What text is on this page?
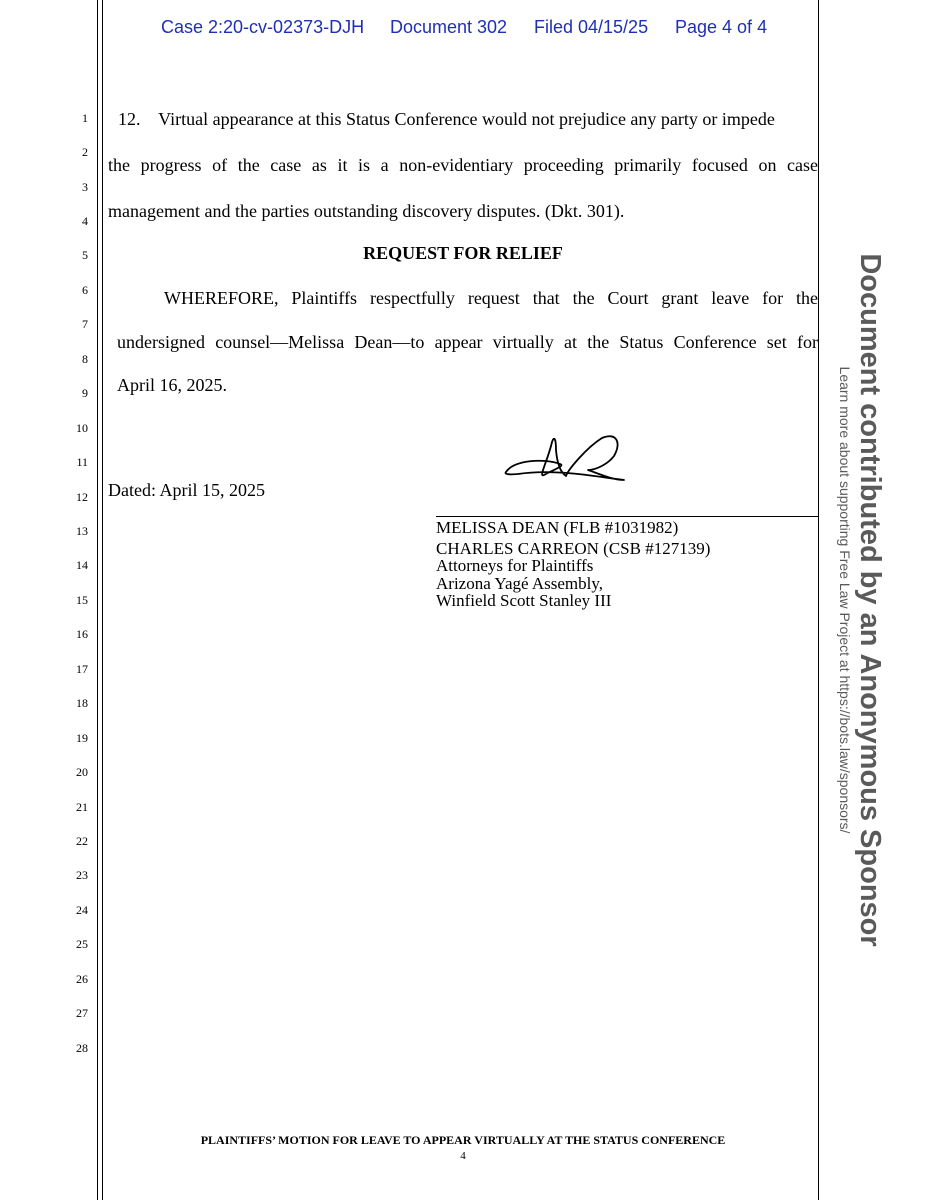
Case 2:20-cv-02373-DJH Document 302 Filed 04/15/25 Page 4 of 4
1
2
3
4
5
6
7
8
9
10
11
12
13
14
15
16
17
18
19
20
21
22
23
24
25
26
27
28
12.    Virtual appearance at this Status Conference would not prejudice any party or impede
the progress of the case as it is a non-evidentiary proceeding primarily focused on case
management and the parties outstanding discovery disputes. (Dkt. 301).
REQUEST FOR RELIEF
WHEREFORE, Plaintiffs respectfully request that the Court grant leave for the
undersigned counsel—Melissa Dean—to appear virtually at the Status Conference set for
April 16, 2025.
Dated: April 15, 2025
MELISSA DEAN (FLB #1031982)
CHARLES CARREON (CSB #127139)
Attorneys for Plaintiffs
Arizona Yagé Assembly,
Winfield Scott Stanley III
PLAINTIFFS’ MOTION FOR LEAVE TO APPEAR VIRTUALLY AT THE STATUS CONFERENCE
4
Document contributed by an Anonymous Sponsor
Learn more about supporting Free Law Project at https://bots.law/sponsors/
